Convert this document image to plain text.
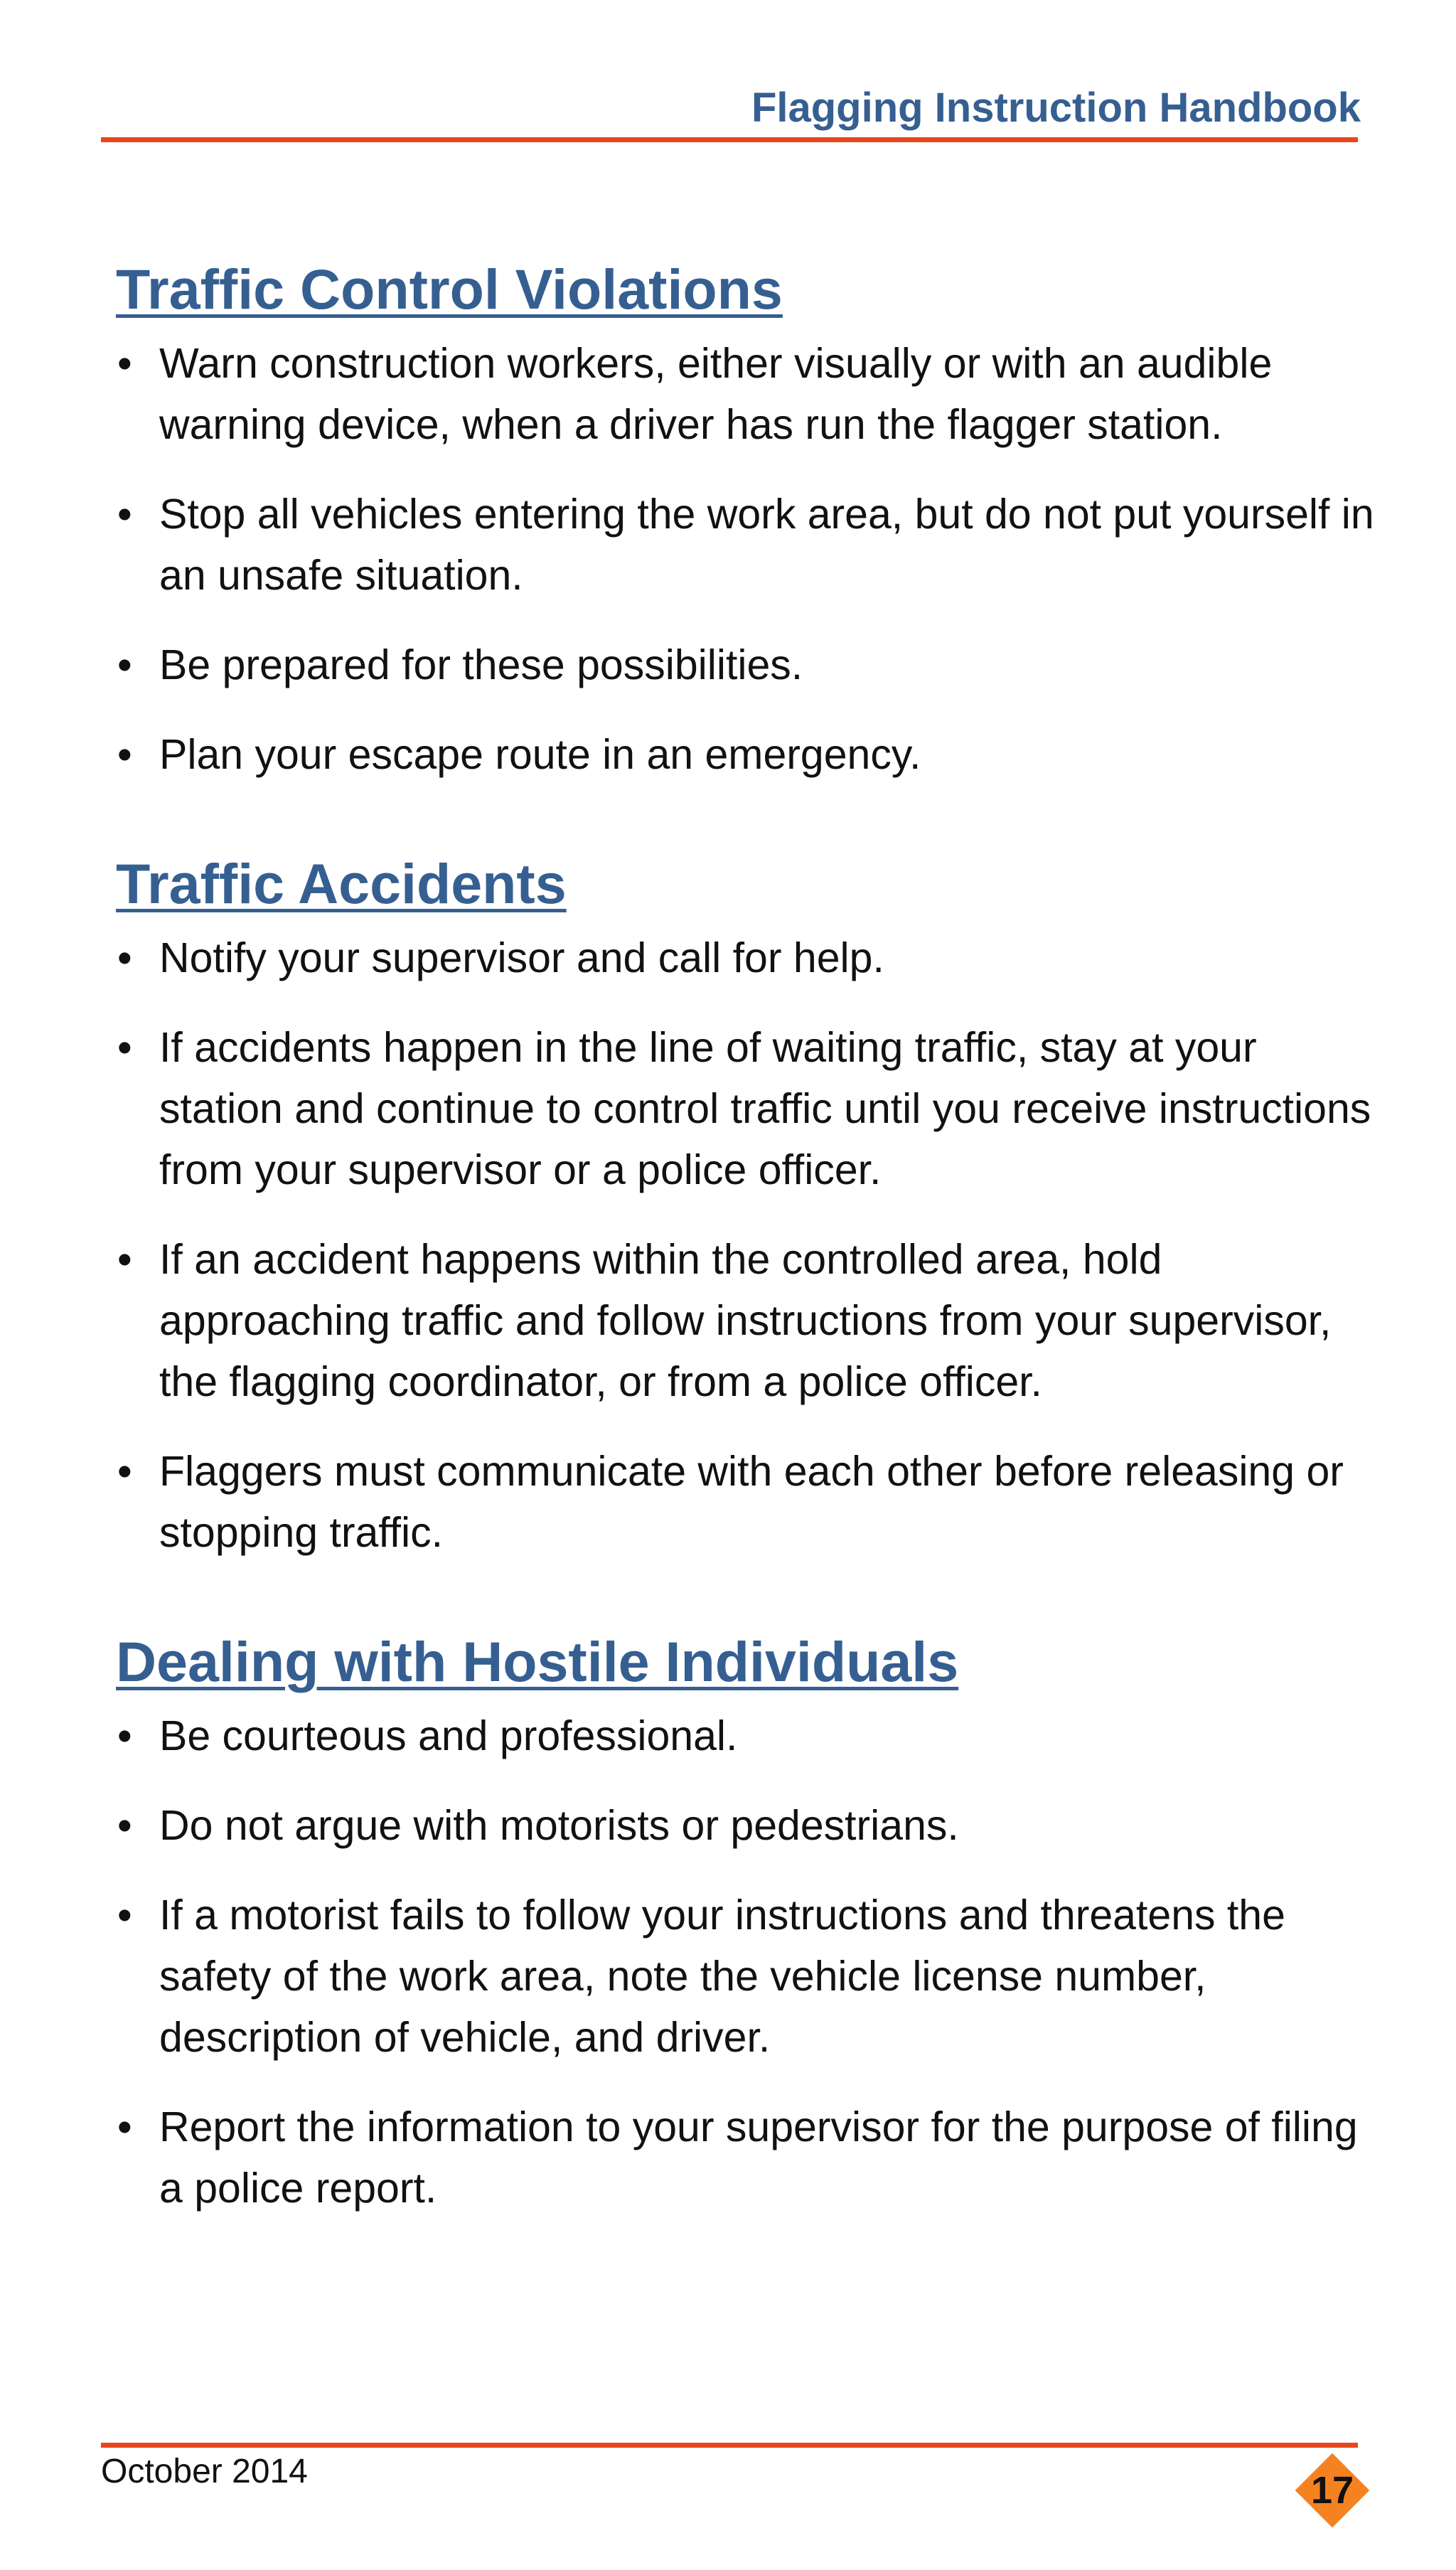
Flagging Instruction Handbook
Traffic Control Violations
• Warn construction workers, either visually or with an audible warning device, when a driver has run the flagger station.
• Stop all vehicles entering the work area, but do not put yourself in an unsafe situation.
• Be prepared for these possibilities.
• Plan your escape route in an emergency.
Traffic Accidents
• Notify your supervisor and call for help.
• If accidents happen in the line of waiting traffic, stay at your station and continue to control traffic until you receive instructions from your supervisor or a police officer.
• If an accident happens within the controlled area, hold approaching traffic and follow instructions from your supervisor, the flagging coordinator, or from a police officer.
• Flaggers must communicate with each other before releasing or stopping traffic.
Dealing with Hostile Individuals
• Be courteous and professional.
• Do not argue with motorists or pedestrians.
• If a motorist fails to follow your instructions and threatens the safety of the work area, note the vehicle license number, description of vehicle, and driver.
• Report the information to your supervisor for the purpose of filing a police report.
October 2014	17
